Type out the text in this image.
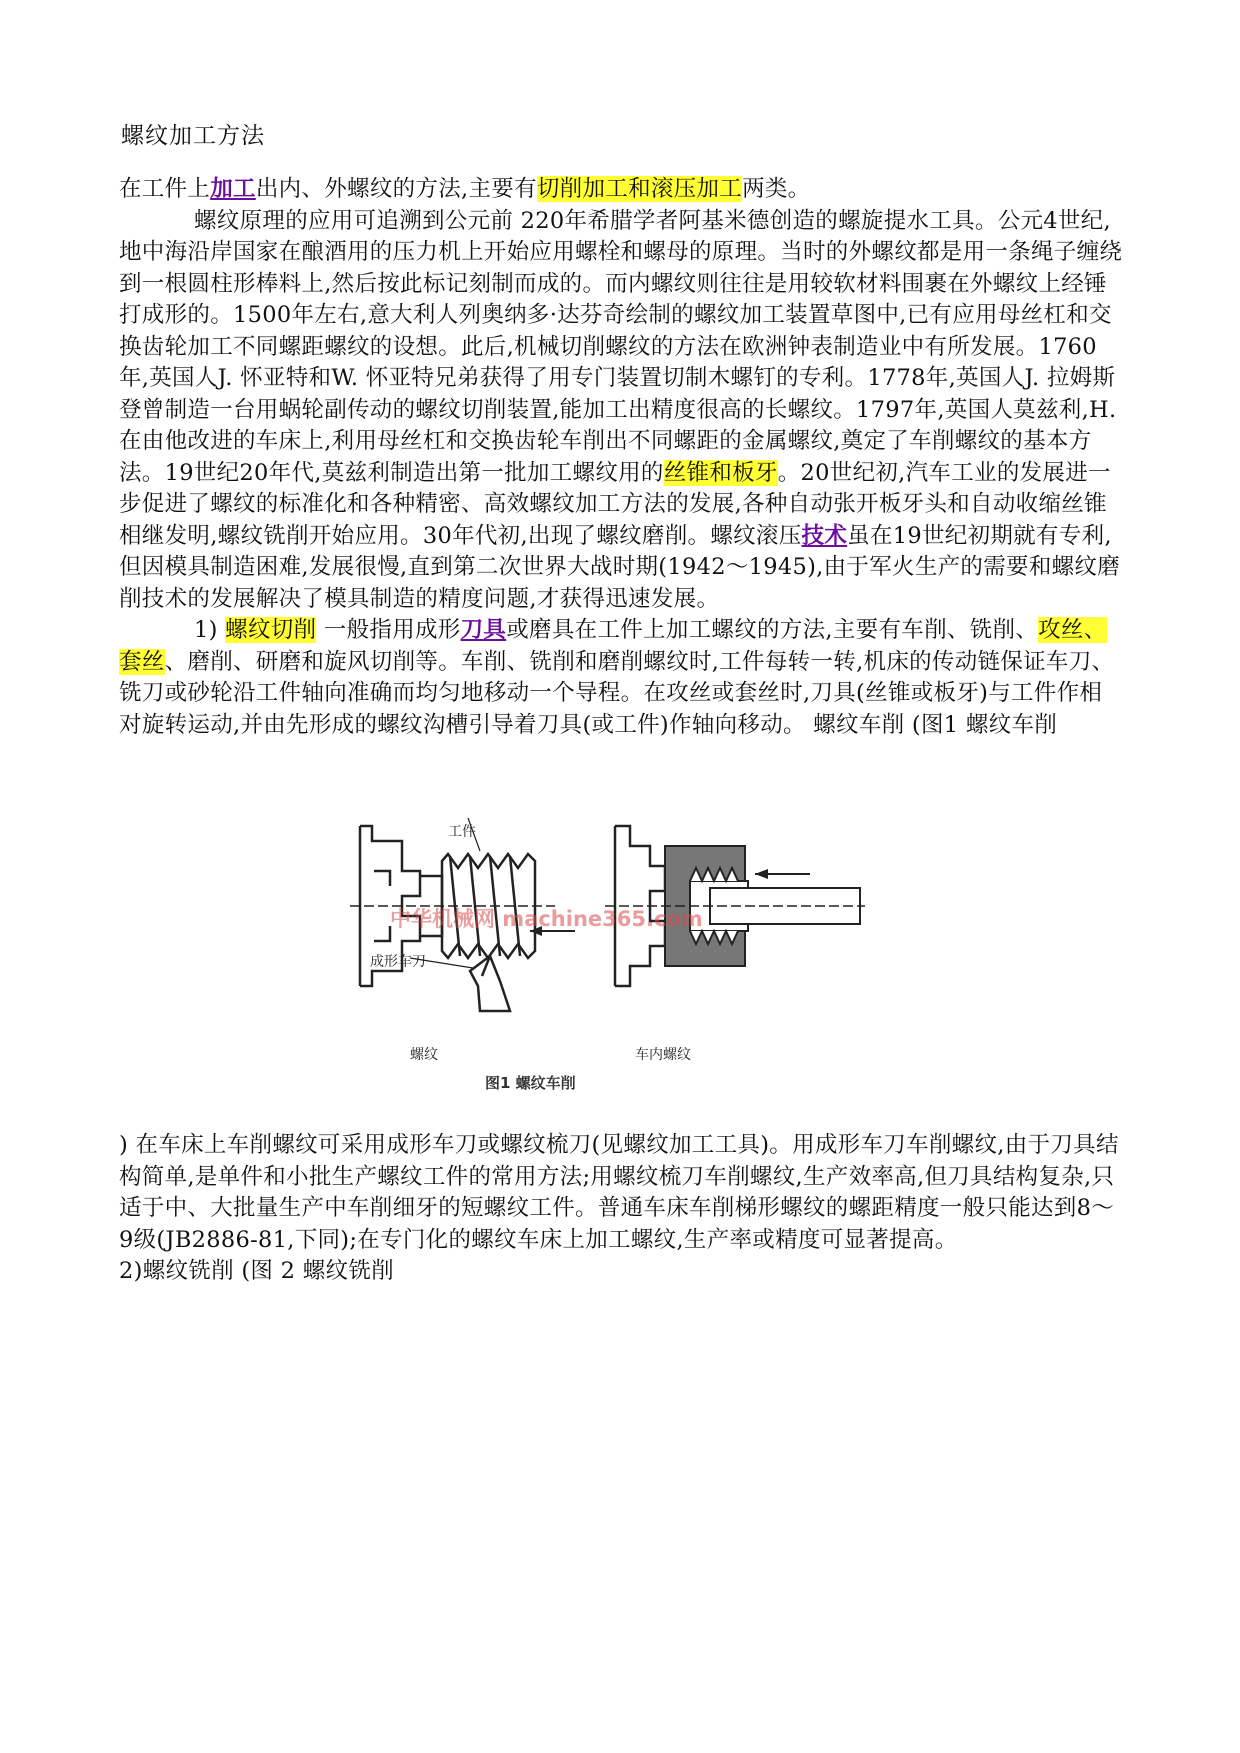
螺纹加工方法

在工件上加工出内、外螺纹的方法,主要有切削加工和滚压加工两类。

螺纹原理的应用可追溯到公元前 220年希腊学者阿基米德创造的螺旋提水工具。公元4世纪,地中海沿岸国家在酿酒用的压力机上开始应用螺栓和螺母的原理。当时的外螺纹都是用一条绳子缠绕到一根圆柱形棒料上,然后按此标记刻制而成的。而内螺纹则往往是用较软材料围裹在外螺纹上经锤打成形的。1500年左右,意大利人列奥纳多·达芬奇绘制的螺纹加工装置草图中,已有应用母丝杠和交换齿轮加工不同螺距螺纹的设想。此后,机械切削螺纹的方法在欧洲钟表制造业中有所发展。1760年,英国人J. 怀亚特和W. 怀亚特兄弟获得了用专门装置切制木螺钉的专利。1778年,英国人J. 拉姆斯登曾制造一台用蜗轮副传动的螺纹切削装置,能加工出精度很高的长螺纹。1797年,英国人莫兹利,H. 在由他改进的车床上,利用母丝杠和交换齿轮车削出不同螺距的金属螺纹,奠定了车削螺纹的基本方法。19世纪20年代,莫兹利制造出第一批加工螺纹用的丝锥和板牙。20世纪初,汽车工业的发展进一步促进了螺纹的标准化和各种精密、高效螺纹加工方法的发展,各种自动张开板牙头和自动收缩丝锥相继发明,螺纹铣削开始应用。30年代初,出现了螺纹磨削。螺纹滚压技术虽在19世纪初期就有专利,但因模具制造困难,发展很慢,直到第二次世界大战时期(1942～1945),由于军火生产的需要和螺纹磨削技术的发展解决了模具制造的精度问题,才获得迅速发展。

1) 螺纹切削 一般指用成形刀具或磨具在工件上加工螺纹的方法,主要有车削、铣削、攻丝、套丝、磨削、研磨和旋风切削等。车削、铣削和磨削螺纹时,工件每转一转,机床的传动链保证车刀、铣刀或砂轮沿工件轴向准确而均匀地移动一个导程。在攻丝或套丝时,刀具(丝锥或板牙)与工件作相对旋转运动,并由先形成的螺纹沟槽引导着刀具(或工件)作轴向移动。 螺纹车削 (图1 螺纹车削

中华机械网 machine365.com
工件
成形车刀
螺纹	车内螺纹
图1 螺纹车削

) 在车床上车削螺纹可采用成形车刀或螺纹梳刀(见螺纹加工工具)。用成形车刀车削螺纹,由于刀具结构简单,是单件和小批生产螺纹工件的常用方法;用螺纹梳刀车削螺纹,生产效率高,但刀具结构复杂,只适于中、大批量生产中车削细牙的短螺纹工件。普通车床车削梯形螺纹的螺距精度一般只能达到8～9级(JB2886-81,下同);在专门化的螺纹车床上加工螺纹,生产率或精度可显著提高。

2)螺纹铣削 (图 2 螺纹铣削
